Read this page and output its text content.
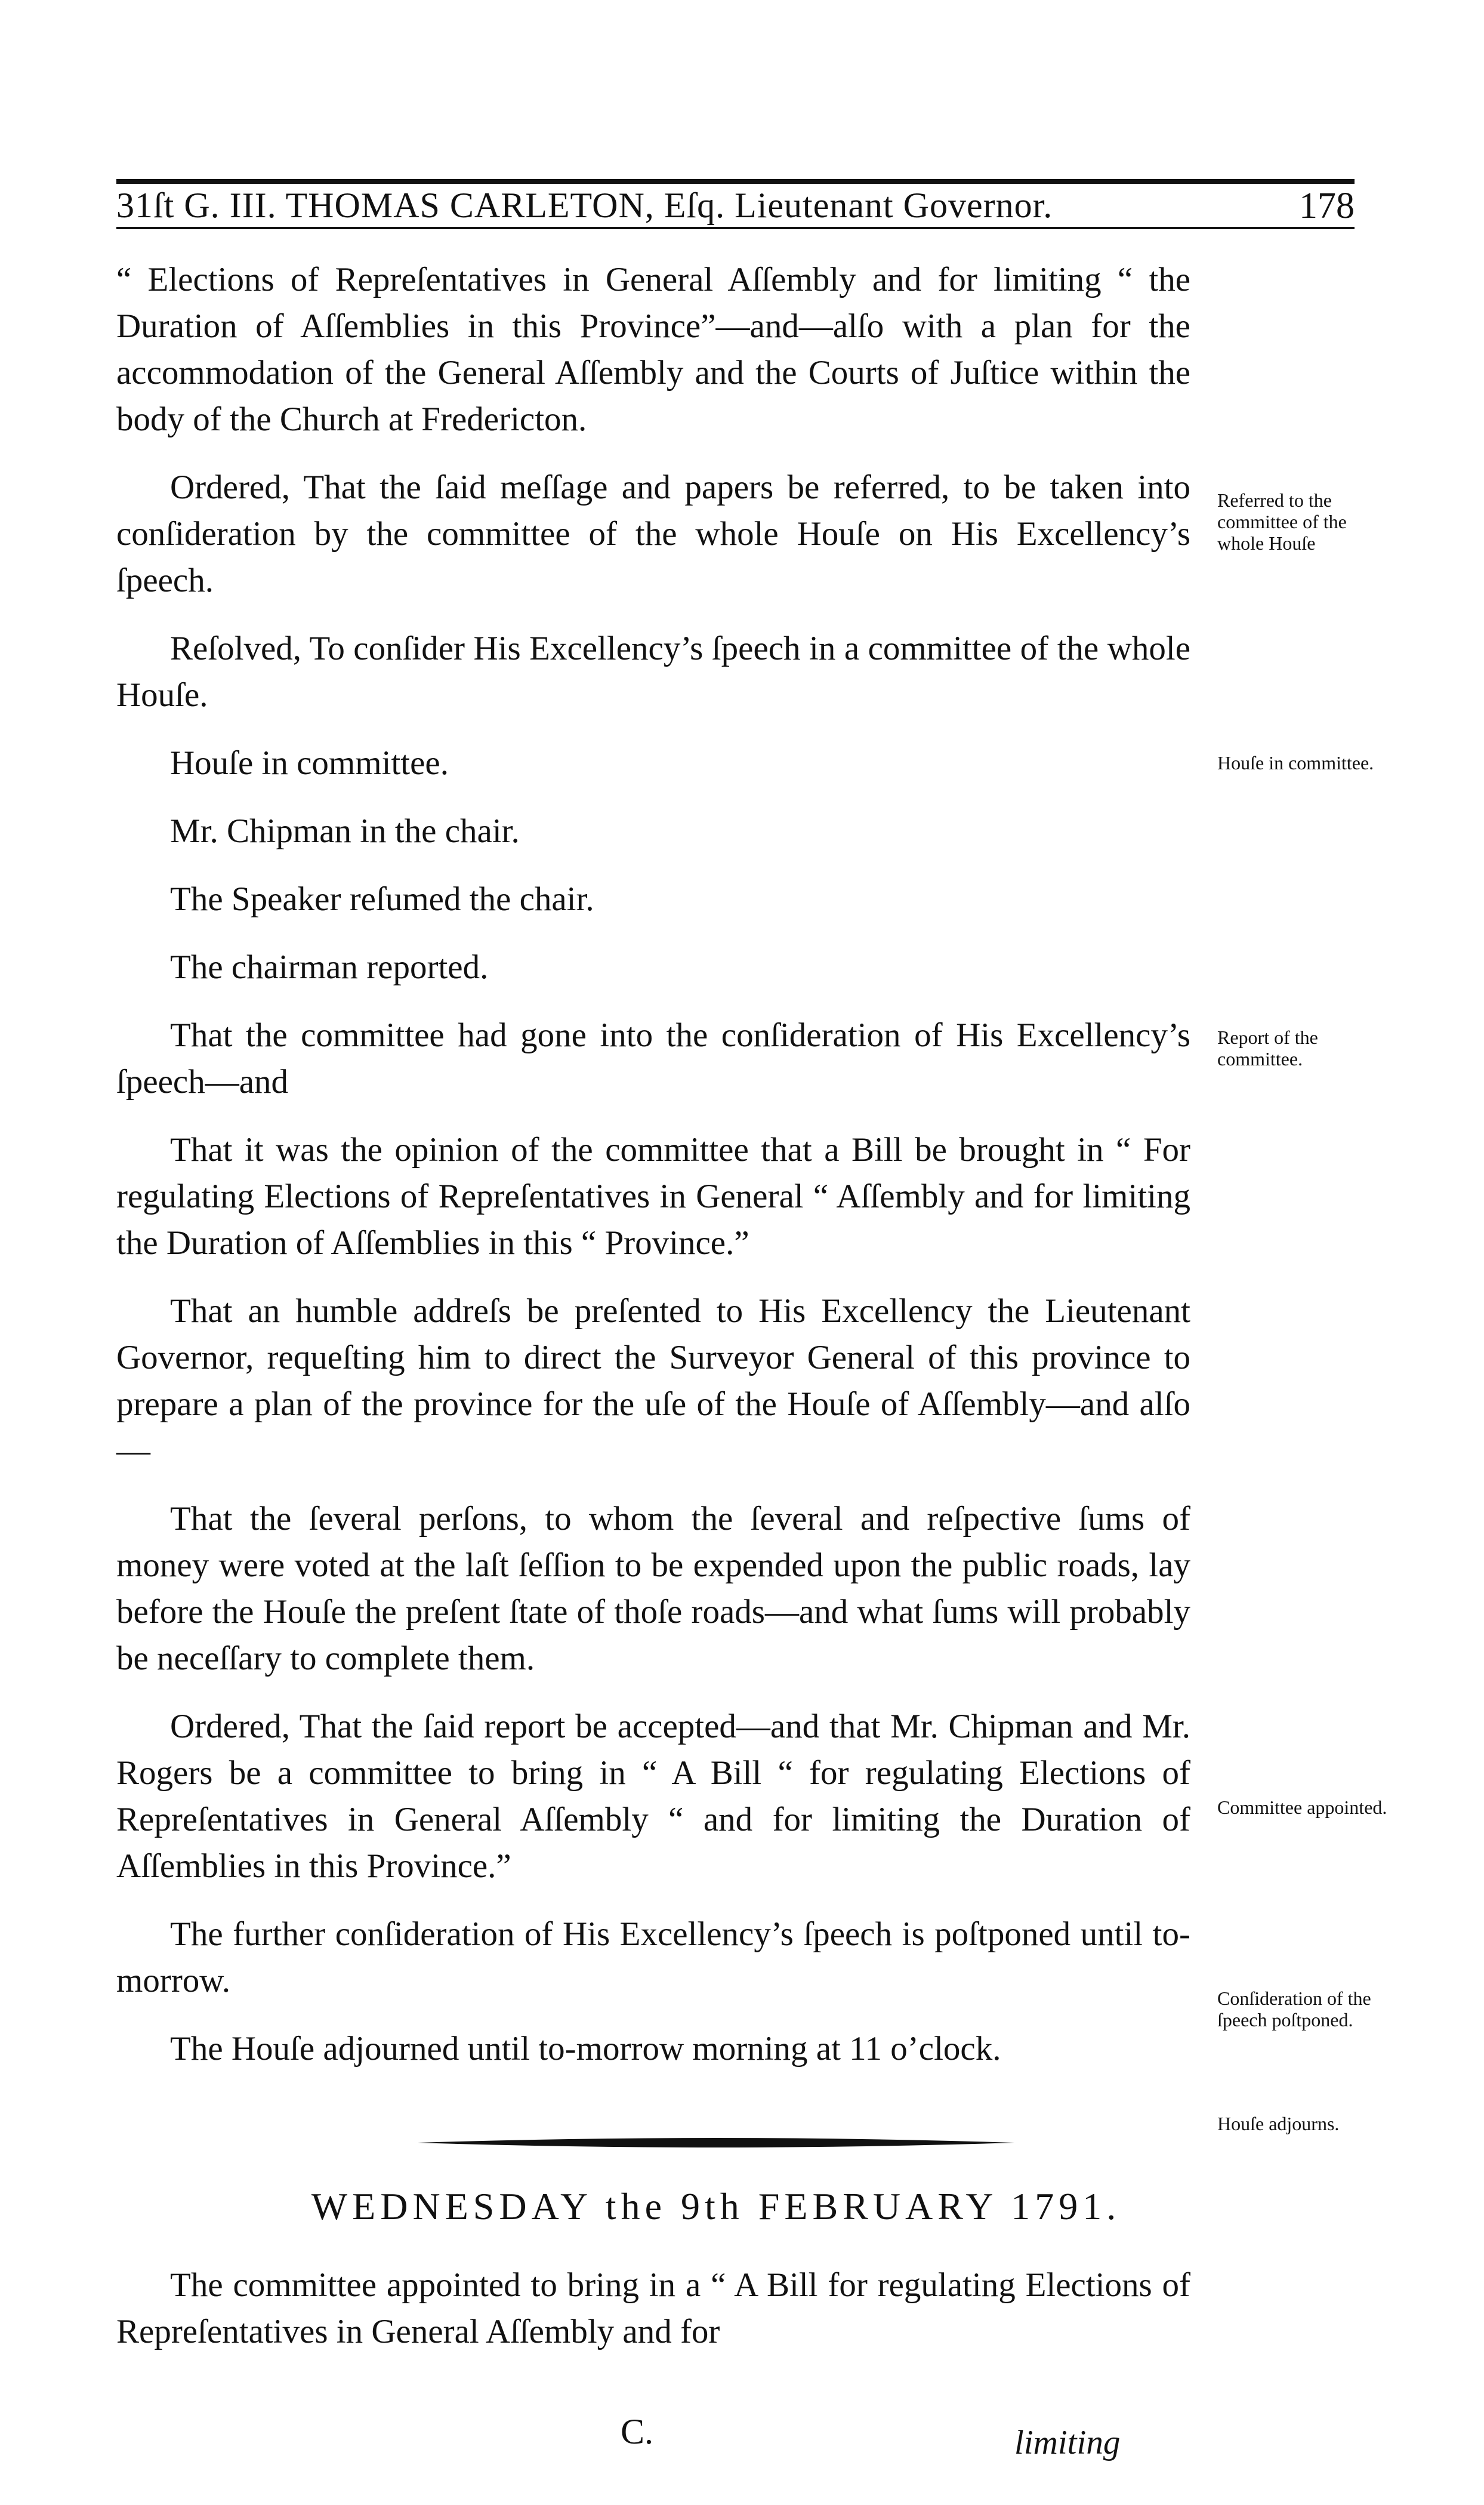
31ſt G. III. THOMAS CARLETON, Eſq. Lieutenant Governor.	178

“ Elections of Repreſentatives in General Aſſembly and for limiting “ the Duration of Aſſemblies in this Province”—and—alſo with a plan for the accommodation of the General Aſſembly and the Courts of Juſtice within the body of the Church at Fredericton.

Ordered, That the ſaid meſſage and papers be referred, to be taken into conſideration by the committee of the whole Houſe on His Excellency’s ſpeech.

Reſolved, To conſider His Excellency’s ſpeech in a committee of the whole Houſe.

Houſe in committee.

Mr. Chipman in the chair.

The Speaker reſumed the chair.

The chairman reported.

That the committee had gone into the conſideration of His Excellency’s ſpeech—and

That it was the opinion of the committee that a Bill be brought in “ For regulating Elections of Repreſentatives in General “ Aſſembly and for limiting the Duration of Aſſemblies in this “ Province.”

That an humble addreſs be preſented to His Excellency the Lieutenant Governor, requeſting him to direct the Surveyor General of this province to prepare a plan of the province for the uſe of the Houſe of Aſſembly—and alſo—

That the ſeveral perſons, to whom the ſeveral and reſpective ſums of money were voted at the laſt ſeſſion to be expended upon the public roads, lay before the Houſe the preſent ſtate of thoſe roads—and what ſums will probably be neceſſary to complete them.

Ordered, That the ſaid report be accepted—and that Mr. Chipman and Mr. Rogers be a committee to bring in “ A Bill “ for regulating Elections of Repreſentatives in General Aſſembly “ and for limiting the Duration of Aſſemblies in this Province.”

The further conſideration of His Excellency’s ſpeech is poſtponed until to-morrow.

The Houſe adjourned until to-morrow morning at 11 o’clock.

Referred to the committee of the whole Houſe
Houſe in committee.
Report of the committee.
Committee appointed.
Conſideration of the ſpeech poſtponed.
Houſe adjourns.
WEDNESDAY the 9th FEBRUARY 1791.

The committee appointed to bring in a “ A Bill for regulating Elections of Repreſentatives in General Aſſembly and for

C.	limiting
